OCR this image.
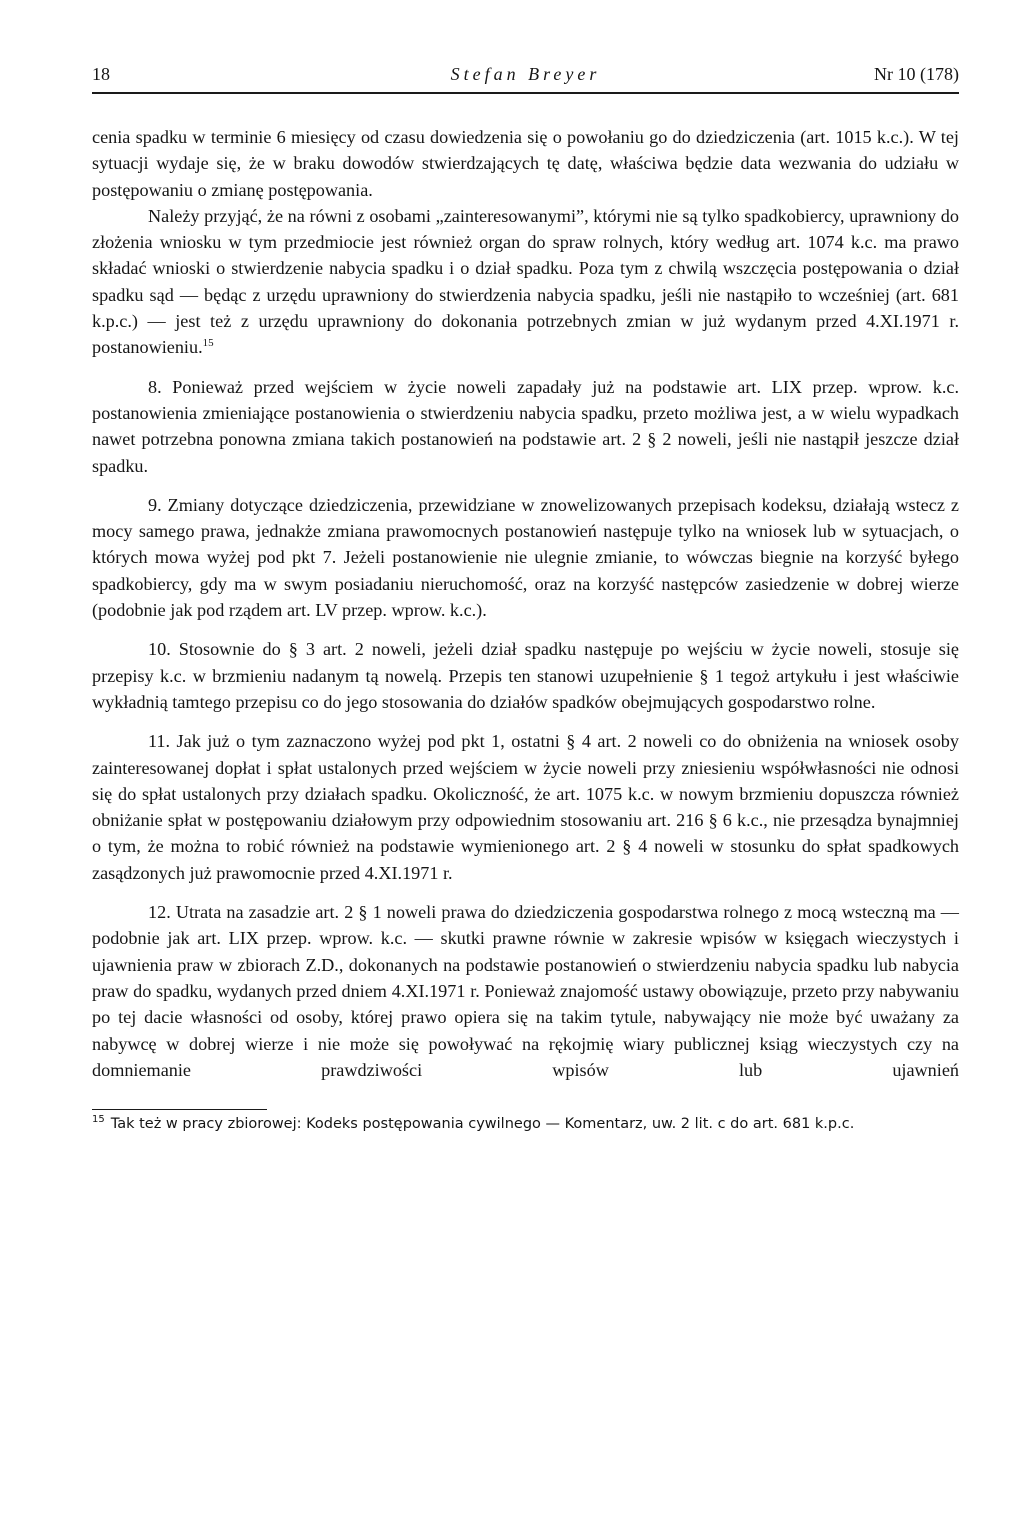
18	Stefan Breyer	Nr 10 (178)

cenia spadku w terminie 6 miesięcy od czasu dowiedzenia się o powołaniu go do dziedziczenia (art. 1015 k.c.). W tej sytuacji wydaje się, że w braku dowodów stwierdzających tę datę, właściwa będzie data wezwania do udziału w postępowaniu o zmianę postępowania.

Należy przyjąć, że na równi z osobami „zainteresowanymi”, którymi nie są tylko spadkobiercy, uprawniony do złożenia wniosku w tym przedmiocie jest również organ do spraw rolnych, który według art. 1074 k.c. ma prawo składać wnioski o stwierdzenie nabycia spadku i o dział spadku. Poza tym z chwilą wszczęcia postępowania o dział spadku sąd — będąc z urzędu uprawniony do stwierdzenia nabycia spadku, jeśli nie nastąpiło to wcześniej (art. 681 k.p.c.) — jest też z urzędu uprawniony do dokonania potrzebnych zmian w już wydanym przed 4.XI.1971 r. postanowieniu.$^{15}$

8. Ponieważ przed wejściem w życie noweli zapadały już na podstawie art. LIX przep. wprow. k.c. postanowienia zmieniające postanowienia o stwierdzeniu nabycia spadku, przeto możliwa jest, a w wielu wypadkach nawet potrzebna ponowna zmiana takich postanowień na podstawie art. 2 § 2 noweli, jeśli nie nastąpił jeszcze dział spadku.

9. Zmiany dotyczące dziedziczenia, przewidziane w znowelizowanych przepisach kodeksu, działają wstecz z mocy samego prawa, jednakże zmiana prawomocnych postanowień następuje tylko na wniosek lub w sytuacjach, o których mowa wyżej pod pkt 7. Jeżeli postanowienie nie ulegnie zmianie, to wówczas biegnie na korzyść byłego spadkobiercy, gdy ma w swym posiadaniu nieruchomość, oraz na korzyść następców zasiedzenie w dobrej wierze (podobnie jak pod rządem art. LV przep. wprow. k.c.).

10. Stosownie do § 3 art. 2 noweli, jeżeli dział spadku następuje po wejściu w życie noweli, stosuje się przepisy k.c. w brzmieniu nadanym tą nowelą. Przepis ten stanowi uzupełnienie § 1 tegoż artykułu i jest właściwie wykładnią tamtego przepisu co do jego stosowania do działów spadków obejmujących gospodarstwo rolne.

11. Jak już o tym zaznaczono wyżej pod pkt 1, ostatni § 4 art. 2 noweli co do obniżenia na wniosek osoby zainteresowanej dopłat i spłat ustalonych przed wejściem w życie noweli przy zniesieniu współwłasności nie odnosi się do spłat ustalonych przy działach spadku. Okoliczność, że art. 1075 k.c. w nowym brzmieniu dopuszcza również obniżanie spłat w postępowaniu działowym przy odpowiednim stosowaniu art. 216 § 6 k.c., nie przesądza bynajmniej o tym, że można to robić również na podstawie wymienionego art. 2 § 4 noweli w stosunku do spłat spadkowych zasądzonych już prawomocnie przed 4.XI.1971 r.

12. Utrata na zasadzie art. 2 § 1 noweli prawa do dziedziczenia gospodarstwa rolnego z mocą wsteczną ma — podobnie jak art. LIX przep. wprow. k.c. — skutki prawne równie w zakresie wpisów w księgach wieczystych i ujawnienia praw w zbiorach Z.D., dokonanych na podstawie postanowień o stwierdzeniu nabycia spadku lub nabycia praw do spadku, wydanych przed dniem 4.XI.1971 r. Ponieważ znajomość ustawy obowiązuje, przeto przy nabywaniu po tej dacie własności od osoby, której prawo opiera się na takim tytule, nabywający nie może być uważany za nabywcę w dobrej wierze i nie może się powoływać na rękojmię wiary publicznej ksiąg wieczystych czy na domniemanie prawdziwości wpisów lub ujawnień

$^{15}$ Tak też w pracy zbiorowej: Kodeks postępowania cywilnego — Komentarz, uw. 2 lit. c do art. 681 k.p.c.
